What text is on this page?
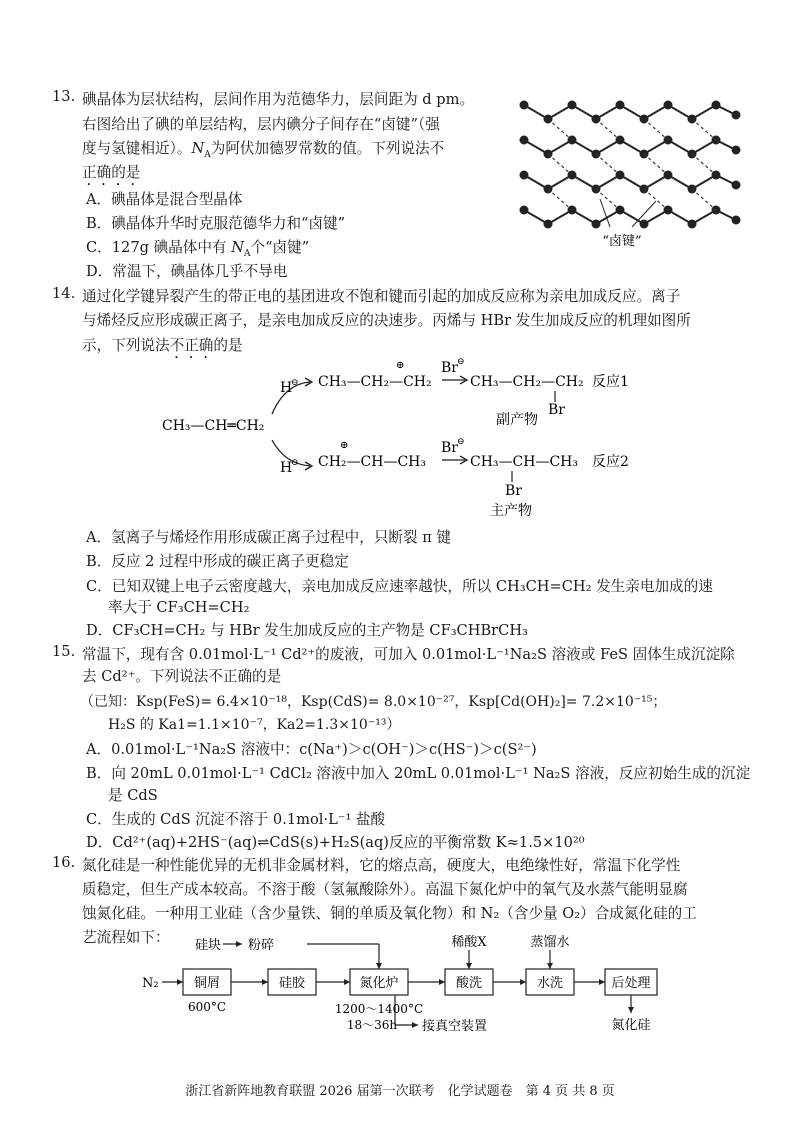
13. 碘晶体为层状结构，层间作用为范德华力，层间距为 d pm。
右图给出了碘的单层结构，层内碘分子间存在“卤键”（强
度与氢键相近）。$N_A$为阿伏加德罗常数的值。下列说法不
正确的是
A．碘晶体是混合型晶体
B．碘晶体升华时克服范德华力和“卤键”
C．127g 碘晶体中有 $N_A$个“卤键”
D．常温下，碘晶体几乎不导电
“卤键”
14. 通过化学键异裂产生的带正电的基团进攻不饱和键而引起的加成反应称为亲电加成反应。离子
与烯烃反应形成碳正离子，是亲电加成反应的决速步。丙烯与 HBr 发生加成反应的机理如图所
示，下列说法不正确的是
CH₃—CH═CH₂
H
⊖ CH₃—CH₂—CH₂
⊕	Br ⊖
CH₃—CH₂—CH₂
Br
反应1
副产物
H
⊖ CH₂—CH—CH₃
⊕	Br ⊖
CH₃—CH—CH₃
Br
反应2
主产物
A．氢离子与烯烃作用形成碳正离子过程中，只断裂 π 键
B．反应 2 过程中形成的碳正离子更稳定
C．已知双键上电子云密度越大，亲电加成反应速率越快，所以 CH₃CH=CH₂ 发生亲电加成的速
率大于 CF₃CH=CH₂
D．CF₃CH=CH₂ 与 HBr 发生加成反应的主产物是 CF₃CHBrCH₃
15. 常温下，现有含 0.01mol·L⁻¹ Cd²⁺的废液，可加入 0.01mol·L⁻¹Na₂S 溶液或 FeS 固体生成沉淀除
去 Cd²⁺。下列说法不正确的是
（已知：Ksp(FeS)= 6.4×10⁻¹⁸，Ksp(CdS)= 8.0×10⁻²⁷，Ksp[Cd(OH)₂]= 7.2×10⁻¹⁵；
H₂S 的 Ka1=1.1×10⁻⁷，Ka2=1.3×10⁻¹³）
A．0.01mol·L⁻¹Na₂S 溶液中：c(Na⁺)＞c(OH⁻)＞c(HS⁻)＞c(S²⁻)
B．向 20mL 0.01mol·L⁻¹ CdCl₂ 溶液中加入 20mL 0.01mol·L⁻¹ Na₂S 溶液，反应初始生成的沉淀
是 CdS
C．生成的 CdS 沉淀不溶于 0.1mol·L⁻¹ 盐酸
D．Cd²⁺(aq)+2HS⁻(aq)⇌CdS(s)+H₂S(aq)反应的平衡常数 K≈1.5×10²⁰
16. 氮化硅是一种性能优异的无机非金属材料，它的熔点高，硬度大，电绝缘性好，常温下化学性
质稳定，但生产成本较高。不溶于酸（氢氟酸除外）。高温下氮化炉中的氧气及水蒸气能明显腐
蚀氮化硅。一种用工业硅（含少量铁、铜的单质及氧化物）和 N₂（含少量 O₂）合成氮化硅的工
艺流程如下：
N₂	铜屑
600°C
硅胶	氮化炉
1200～1400°C
18～36h 接真空装置
硅块 粉碎
酸洗
稀酸X
水洗
蒸馏水
后处理
氮化硅
浙江省新阵地教育联盟 2026 届第一次联考　化学试题卷　第 4 页 共 8 页
